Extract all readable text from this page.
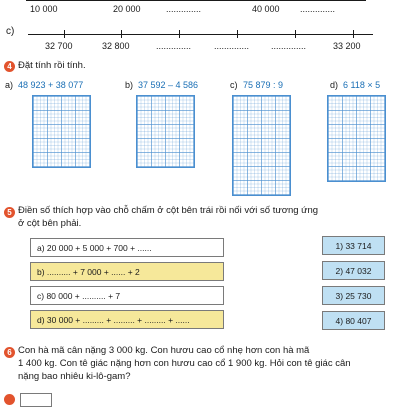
10 000	20 000	..............	40 000 ..............
c)
32 700	32 800	..............	.............. ..............	33 200
4 Đặt tính rồi tính.
a) 48 923 + 38 077	b) 37 592 – 4 586	c) 75 879 : 9	d) 6 118 × 5
5 Điền số thích hợp vào chỗ chấm ở cột bên trái rồi nối với số tương ứng
ở cột bên phải.
a) 20 000 + 5 000 + 700 + ......
b) .......... + 7 000 + ...... + 2
c) 80 000 + .......... + 7
d) 30 000 + ......... + ......... + ......... + ......
1) 33 714
2) 47 032
3) 25 730
4) 80 407
6 Con hà mã cân nặng 3 000 kg. Con hươu cao cổ nhẹ hơn con hà mã
1 400 kg. Con tê giác nặng hơn con hươu cao cổ 1 900 kg. Hỏi con tê giác cân
nặng bao nhiêu ki-lô-gam?
